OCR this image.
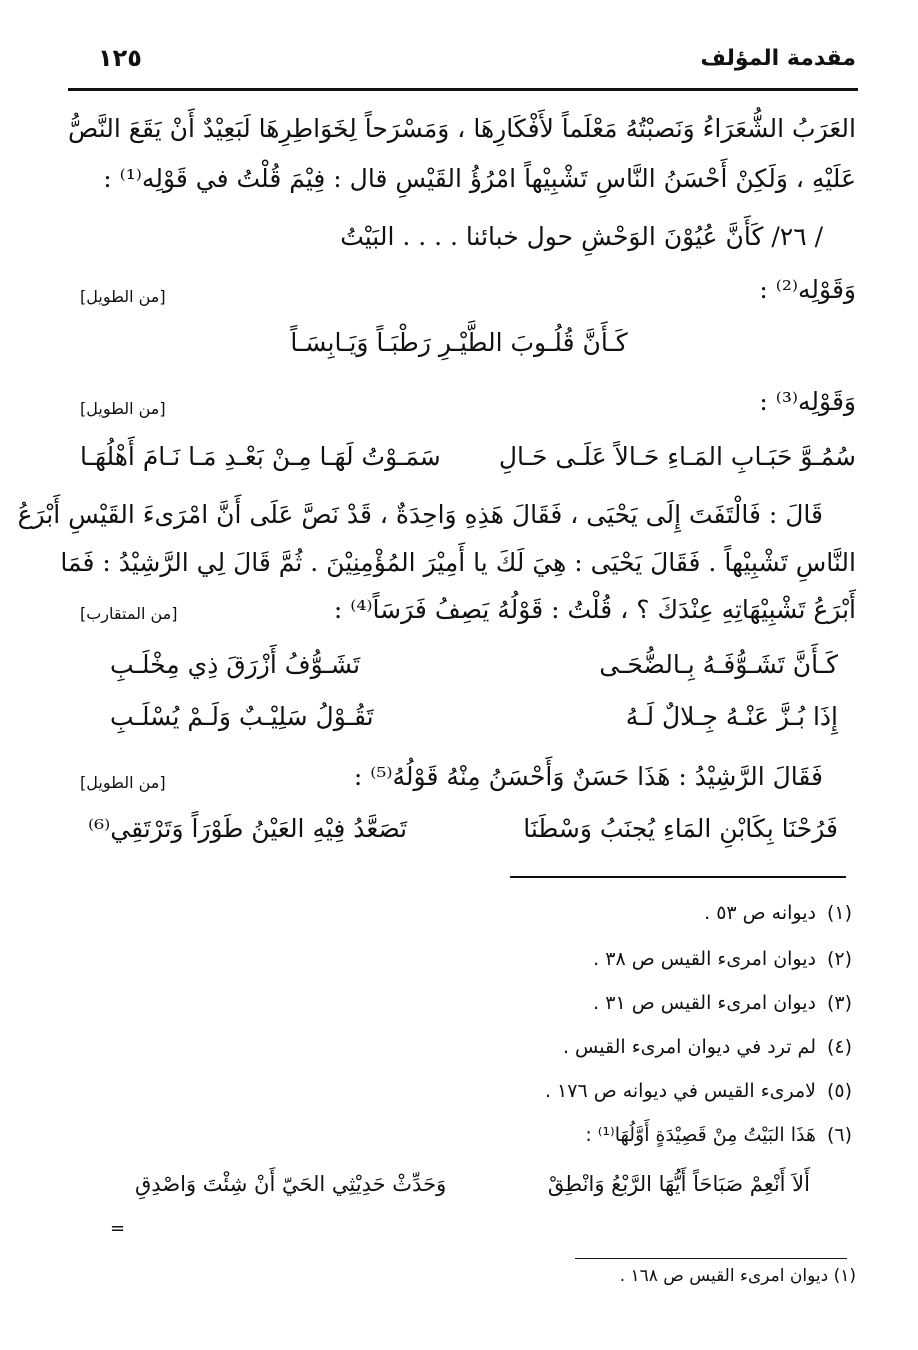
مقدمة المؤلف
١٢٥
العَرَبُ الشُّعَرَاءُ وَنَصبْتُهُ مَعْلَماً لأَفْكَارِهَا ، وَمَسْرَحاً لِخَوَاطِرِهَا لَبَعِيْدٌ أَنْ يَقَعَ النَّصُّ
عَلَيْهِ ، وَلَكِنْ أَحْسَنُ النَّاسِ تَشْبِيْهاً امْرُؤُ القَيْسِ قال : فِيْمَ قُلْتُ في قَوْلِه⁽¹⁾ :
/ ٢٦/ كَأَنَّ عُيُوْنَ الوَحْشِ حول خبائنا . . . . البَيْتُ
وَقَوْلِه⁽²⁾ :
[من الطويل]
كَـأَنَّ قُلُـوبَ الطَّيْـرِ رَطْبَـاً وَيَـابِسَـاً
وَقَوْلِه⁽³⁾ :
[من الطويل]
سُمُـوَّ حَبَـابِ المَـاءِ حَـالاً عَلَـى حَـالِ
سَمَـوْتُ لَهَـا مِـنْ بَعْـدِ مَـا نَـامَ أَهْلُهَـا
قَالَ : فَالْتَفَتَ إِلَى يَحْيَى ، فَقَالَ هَذِهِ وَاحِدَةٌ ، قَدْ نَصَّ عَلَى أَنَّ امْرَىءَ القَيْسِ أَبْرَعُ
النَّاسِ تَشْبِيْهاً . فَقَالَ يَحْيَى : هِيَ لَكَ يا أَمِيْرَ المُؤْمِنِيْنَ . ثُمَّ قَالَ لِي الرَّشِيْدُ : فَمَا
أَبْرَعُ تَشْبِيْهَاتِهِ عِنْدَكَ ؟ ، قُلْتُ : قَوْلُهُ يَصِفُ فَرَسَاً⁽⁴⁾ :
[من المتقارب]
كَـأَنَّ تَشَـوُّفَـهُ بِـالضُّحَـى
تَشَـوُّفُ أَزْرَقَ ذِي مِخْلَـبِ
إِذَا بُـزَّ عَنْـهُ جِـلالٌ لَـهُ
تَقُـوْلُ سَلِيْـبٌ وَلَـمْ يُسْلَـبِ
فَقَالَ الرَّشِيْدُ : هَذَا حَسَنٌ وَأَحْسَنُ مِنْهُ قَوْلُهُ⁽⁵⁾ :
[من الطويل]
فَرُحْنَا بِكَابْنِ المَاءِ يُجنَبُ وَسْطَنَا
تَصَعَّدُ فِيْهِ العَيْنُ طَوْرَاً وَتَرْتَقِي⁽⁶⁾
(١)ديوانه ص ٥٣ .
(٢)ديوان امرىء القيس ص ٣٨ .
(٣)ديوان امرىء القيس ص ٣١ .
(٤)لم ترد في ديوان امرىء القيس .
(٥)لامرىء القيس في ديوانه ص ١٧٦ .
(٦)هَذَا البَيْتُ مِنْ قَصِيْدَةٍ أَوَّلُهَا⁽¹⁾ :
أَلاَ أَنْعِمْ صَبَاحَاً أَيُّهَا الرَّبْعُ وَانْطِقْ
وَحَدِّثْ حَدِيْثِي الحَيّ أَنْ شِئْتَ وَاصْدِقِ
=
(١) ديوان امرىء القيس ص ١٦٨ .
